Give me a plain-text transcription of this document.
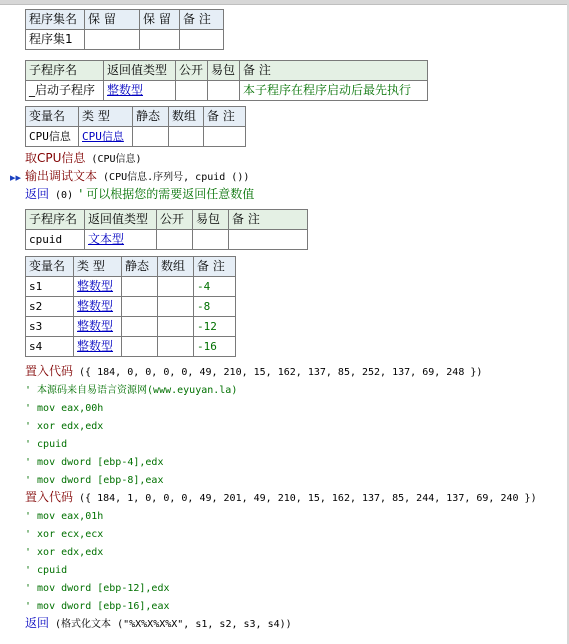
程序集名	保 留	保 留	备 注
程序集1			
子程序名	返回值类型	公开	易包	备 注
_启动子程序	整数型			本子程序在程序启动后最先执行
变量名	类 型	静态	数组	备 注
CPU信息	CPU信息			
▸▸
取CPU信息 (CPU信息)
输出调试文本 (CPU信息.序列号, cpuid ())
返回 (0) ' 可以根据您的需要返回任意数值
子程序名	返回值类型	公开	易包	备 注
cpuid	文本型			
变量名	类 型	静态	数组	备 注
s1	整数型			-4
s2	整数型			-8
s3	整数型			-12
s4	整数型			-16
置入代码 ({ 184, 0, 0, 0, 0, 49, 210, 15, 162, 137, 85, 252, 137, 69, 248 })
' 本源码来自易语言资源网(www.eyuyan.la)
' mov eax,00h
' xor edx,edx
' cpuid
' mov dword [ebp-4],edx
' mov dword [ebp-8],eax
置入代码 ({ 184, 1, 0, 0, 0, 49, 201, 49, 210, 15, 162, 137, 85, 244, 137, 69, 240 })
' mov eax,01h
' xor ecx,ecx
' xor edx,edx
' cpuid
' mov dword [ebp-12],edx
' mov dword [ebp-16],eax
返回 (格式化文本 ("%X%X%X%X", s1, s2, s3, s4))
